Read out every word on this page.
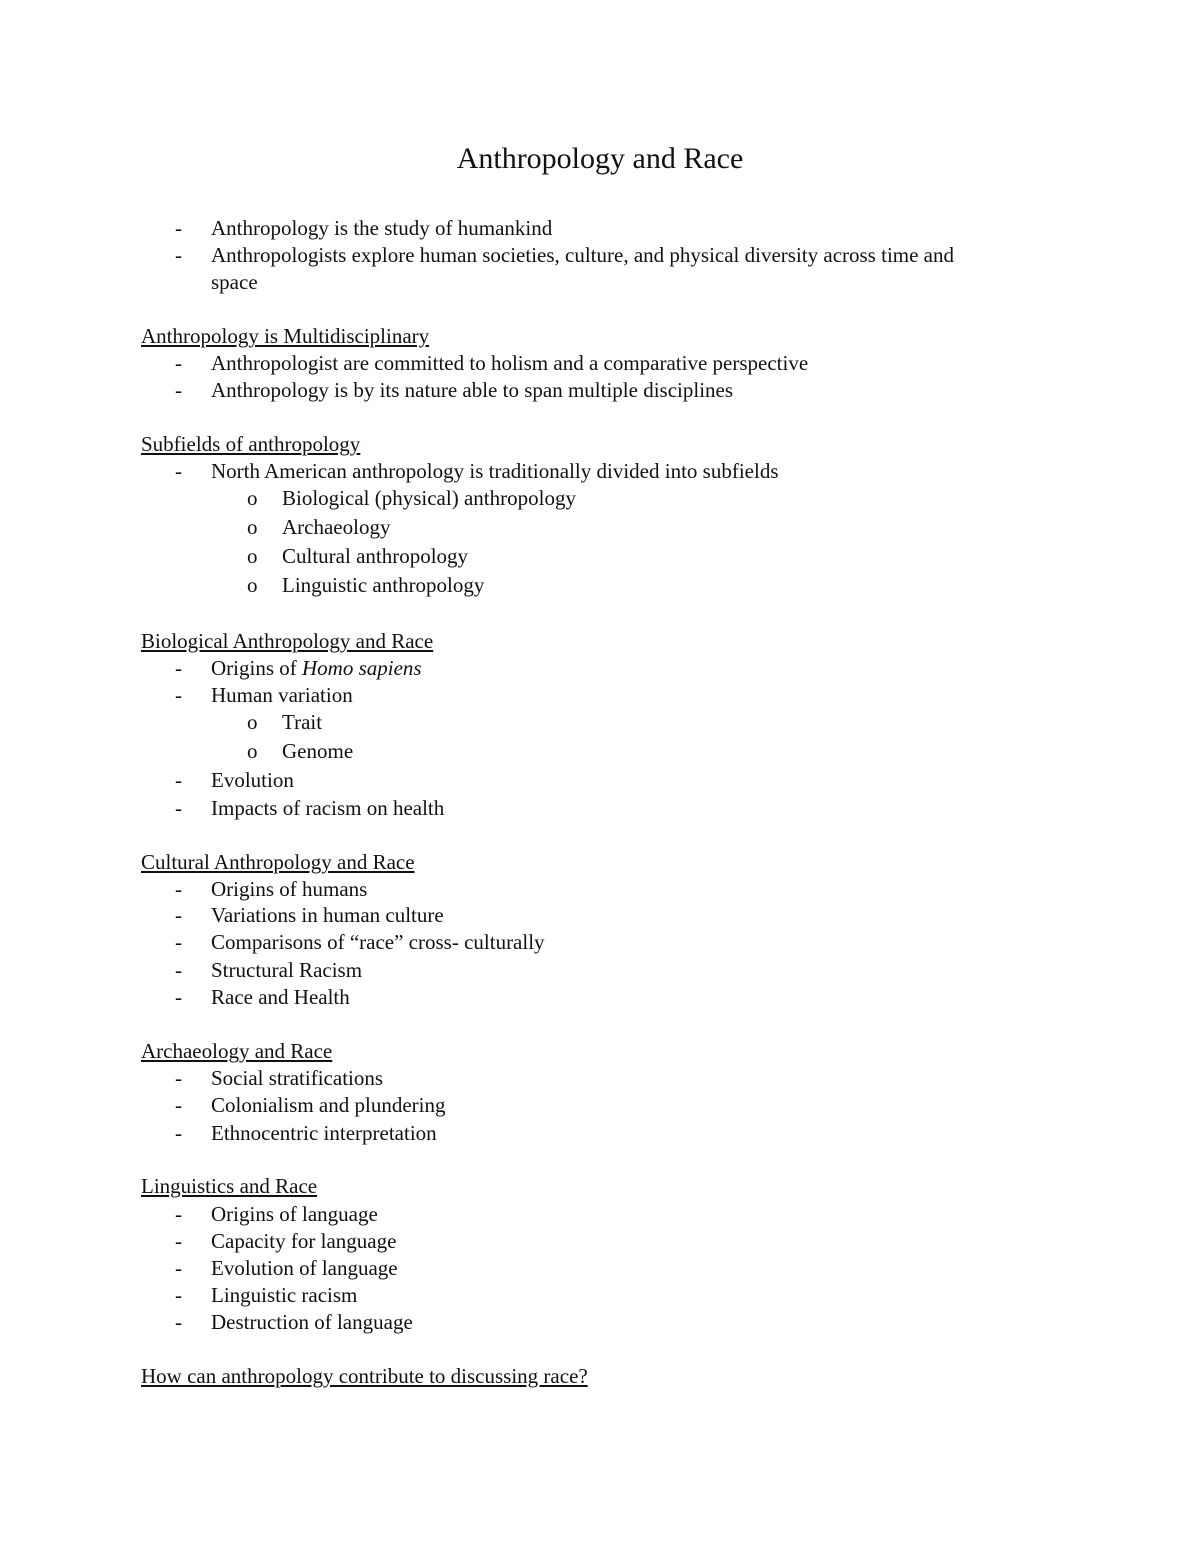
Anthropology and Race
- Anthropology is the study of humankind
- Anthropologists explore human societies, culture, and physical diversity across time and
space
Anthropology is Multidisciplinary
- Anthropologist are committed to holism and a comparative perspective
- Anthropology is by its nature able to span multiple disciplines
Subfields of anthropology
- North American anthropology is traditionally divided into subfields
o Biological (physical) anthropology
o Archaeology
o Cultural anthropology
o Linguistic anthropology
Biological Anthropology and Race
- Origins of Homo sapiens
- Human variation
o Trait
o Genome
- Evolution
- Impacts of racism on health
Cultural Anthropology and Race
- Origins of humans
- Variations in human culture
- Comparisons of “race” cross- culturally
- Structural Racism
- Race and Health
Archaeology and Race
- Social stratifications
- Colonialism and plundering
- Ethnocentric interpretation
Linguistics and Race
- Origins of language
- Capacity for language
- Evolution of language
- Linguistic racism
- Destruction of language
How can anthropology contribute to discussing race?
